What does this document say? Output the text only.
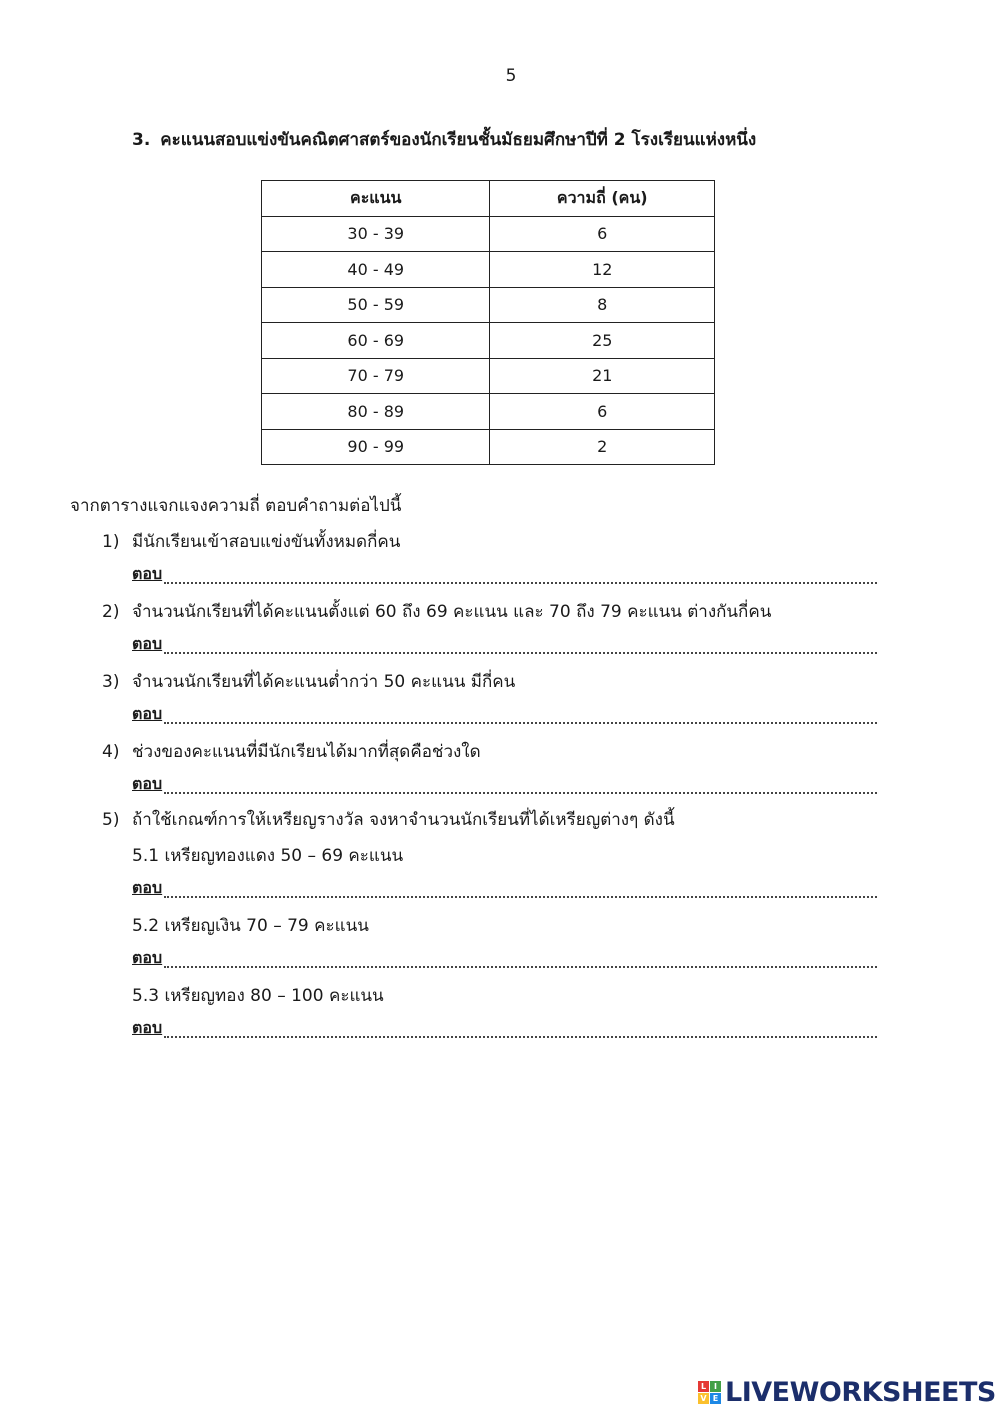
5
3. คะแนนสอบแข่งขันคณิตศาสตร์ของนักเรียนชั้นมัธยมศึกษาปีที่ 2 โรงเรียนแห่งหนึ่ง
คะแนน	ความถี่ (คน)
30 - 39	6
40 - 49	12
50 - 59	8
60 - 69	25
70 - 79	21
80 - 89	6
90 - 99	2
จากตารางแจกแจงความถี่ ตอบคำถามต่อไปนี้
1) มีนักเรียนเข้าสอบแข่งขันทั้งหมดกี่คน
ตอบ
2) จำนวนนักเรียนที่ได้คะแนนตั้งแต่ 60 ถึง 69 คะแนน และ 70 ถึง 79 คะแนน ต่างกันกี่คน
ตอบ
3) จำนวนนักเรียนที่ได้คะแนนต่ำกว่า 50 คะแนน มีกี่คน
ตอบ
4) ช่วงของคะแนนที่มีนักเรียนได้มากที่สุดคือช่วงใด
ตอบ
5) ถ้าใช้เกณฑ์การให้เหรียญรางวัล จงหาจำนวนนักเรียนที่ได้เหรียญต่างๆ ดังนี้
5.1 เหรียญทองแดง 50 – 69 คะแนน
ตอบ
5.2 เหรียญเงิน 70 – 79 คะแนน
ตอบ
5.3 เหรียญทอง 80 – 100 คะแนน
ตอบ
L I
V E LIVEWORKSHEETS
